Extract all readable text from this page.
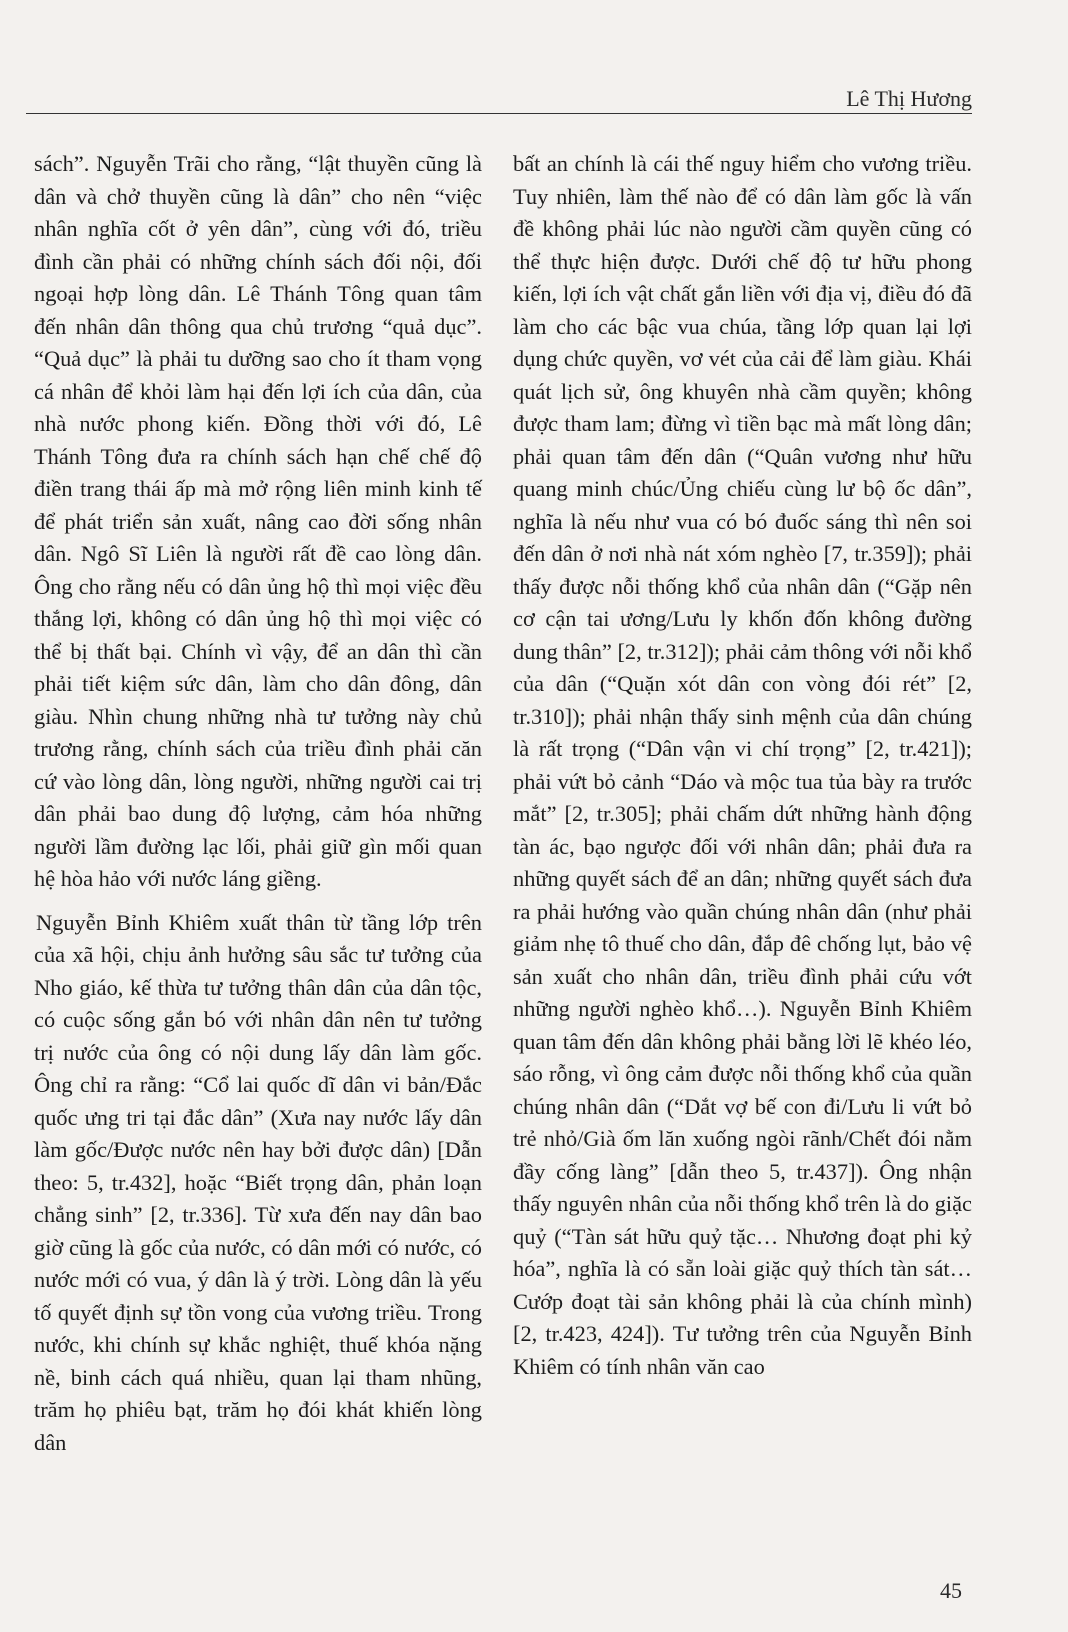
Lê Thị Hương

sách”. Nguyễn Trãi cho rằng, “lật thuyền cũng là dân và chở thuyền cũng là dân” cho nên “việc nhân nghĩa cốt ở yên dân”, cùng với đó, triều đình cần phải có những chính sách đối nội, đối ngoại hợp lòng dân. Lê Thánh Tông quan tâm đến nhân dân thông qua chủ trương “quả dục”. “Quả dục” là phải tu dưỡng sao cho ít tham vọng cá nhân để khỏi làm hại đến lợi ích của dân, của nhà nước phong kiến. Đồng thời với đó, Lê Thánh Tông đưa ra chính sách hạn chế chế độ điền trang thái ấp mà mở rộng liên minh kinh tế để phát triển sản xuất, nâng cao đời sống nhân dân. Ngô Sĩ Liên là người rất đề cao lòng dân. Ông cho rằng nếu có dân ủng hộ thì mọi việc đều thắng lợi, không có dân ủng hộ thì mọi việc có thể bị thất bại. Chính vì vậy, để an dân thì cần phải tiết kiệm sức dân, làm cho dân đông, dân giàu. Nhìn chung những nhà tư tưởng này chủ trương rằng, chính sách của triều đình phải căn cứ vào lòng dân, lòng người, những người cai trị dân phải bao dung độ lượng, cảm hóa những người lầm đường lạc lối, phải giữ gìn mối quan hệ hòa hảo với nước láng giềng.

Nguyễn Bỉnh Khiêm xuất thân từ tầng lớp trên của xã hội, chịu ảnh hưởng sâu sắc tư tưởng của Nho giáo, kế thừa tư tưởng thân dân của dân tộc, có cuộc sống gắn bó với nhân dân nên tư tưởng trị nước của ông có nội dung lấy dân làm gốc. Ông chỉ ra rằng: “Cổ lai quốc dĩ dân vi bản/Đắc quốc ưng tri tại đắc dân” (Xưa nay nước lấy dân làm gốc/Được nước nên hay bởi được dân) [Dẫn theo: 5, tr.432], hoặc “Biết trọng dân, phản loạn chẳng sinh” [2, tr.336]. Từ xưa đến nay dân bao giờ cũng là gốc của nước, có dân mới có nước, có nước mới có vua, ý dân là ý trời. Lòng dân là yếu tố quyết định sự tồn vong của vương triều. Trong nước, khi chính sự khắc nghiệt, thuế khóa nặng nề, binh cách quá nhiều, quan lại tham nhũng, trăm họ phiêu bạt, trăm họ đói khát khiến lòng dân

bất an chính là cái thế nguy hiểm cho vương triều. Tuy nhiên, làm thế nào để có dân làm gốc là vấn đề không phải lúc nào người cầm quyền cũng có thể thực hiện được. Dưới chế độ tư hữu phong kiến, lợi ích vật chất gắn liền với địa vị, điều đó đã làm cho các bậc vua chúa, tầng lớp quan lại lợi dụng chức quyền, vơ vét của cải để làm giàu. Khái quát lịch sử, ông khuyên nhà cầm quyền; không được tham lam; đừng vì tiền bạc mà mất lòng dân; phải quan tâm đến dân (“Quân vương như hữu quang minh chúc/Ủng chiếu cùng lư bộ ốc dân”, nghĩa là nếu như vua có bó đuốc sáng thì nên soi đến dân ở nơi nhà nát xóm nghèo [7, tr.359]); phải thấy được nỗi thống khổ của nhân dân (“Gặp nên cơ cận tai ương/Lưu ly khốn đốn không đường dung thân” [2, tr.312]); phải cảm thông với nỗi khổ của dân (“Quặn xót dân con vòng đói rét” [2, tr.310]); phải nhận thấy sinh mệnh của dân chúng là rất trọng (“Dân vận vi chí trọng” [2, tr.421]); phải vứt bỏ cảnh “Dáo và mộc tua tủa bày ra trước mắt” [2, tr.305]; phải chấm dứt những hành động tàn ác, bạo ngược đối với nhân dân; phải đưa ra những quyết sách để an dân; những quyết sách đưa ra phải hướng vào quần chúng nhân dân (như phải giảm nhẹ tô thuế cho dân, đắp đê chống lụt, bảo vệ sản xuất cho nhân dân, triều đình phải cứu vớt những người nghèo khổ…). Nguyễn Bỉnh Khiêm quan tâm đến dân không phải bằng lời lẽ khéo léo, sáo rỗng, vì ông cảm được nỗi thống khổ của quần chúng nhân dân (“Dắt vợ bế con đi/Lưu li vứt bỏ trẻ nhỏ/Già ốm lăn xuống ngòi rãnh/Chết đói nằm đầy cống làng” [dẫn theo 5, tr.437]). Ông nhận thấy nguyên nhân của nỗi thống khổ trên là do giặc quỷ (“Tàn sát hữu quỷ tặc… Nhương đoạt phi kỷ hóa”, nghĩa là có sẵn loài giặc quỷ thích tàn sát… Cướp đoạt tài sản không phải là của chính mình) [2, tr.423, 424]). Tư tưởng trên của Nguyễn Bỉnh Khiêm có tính nhân văn cao

45
